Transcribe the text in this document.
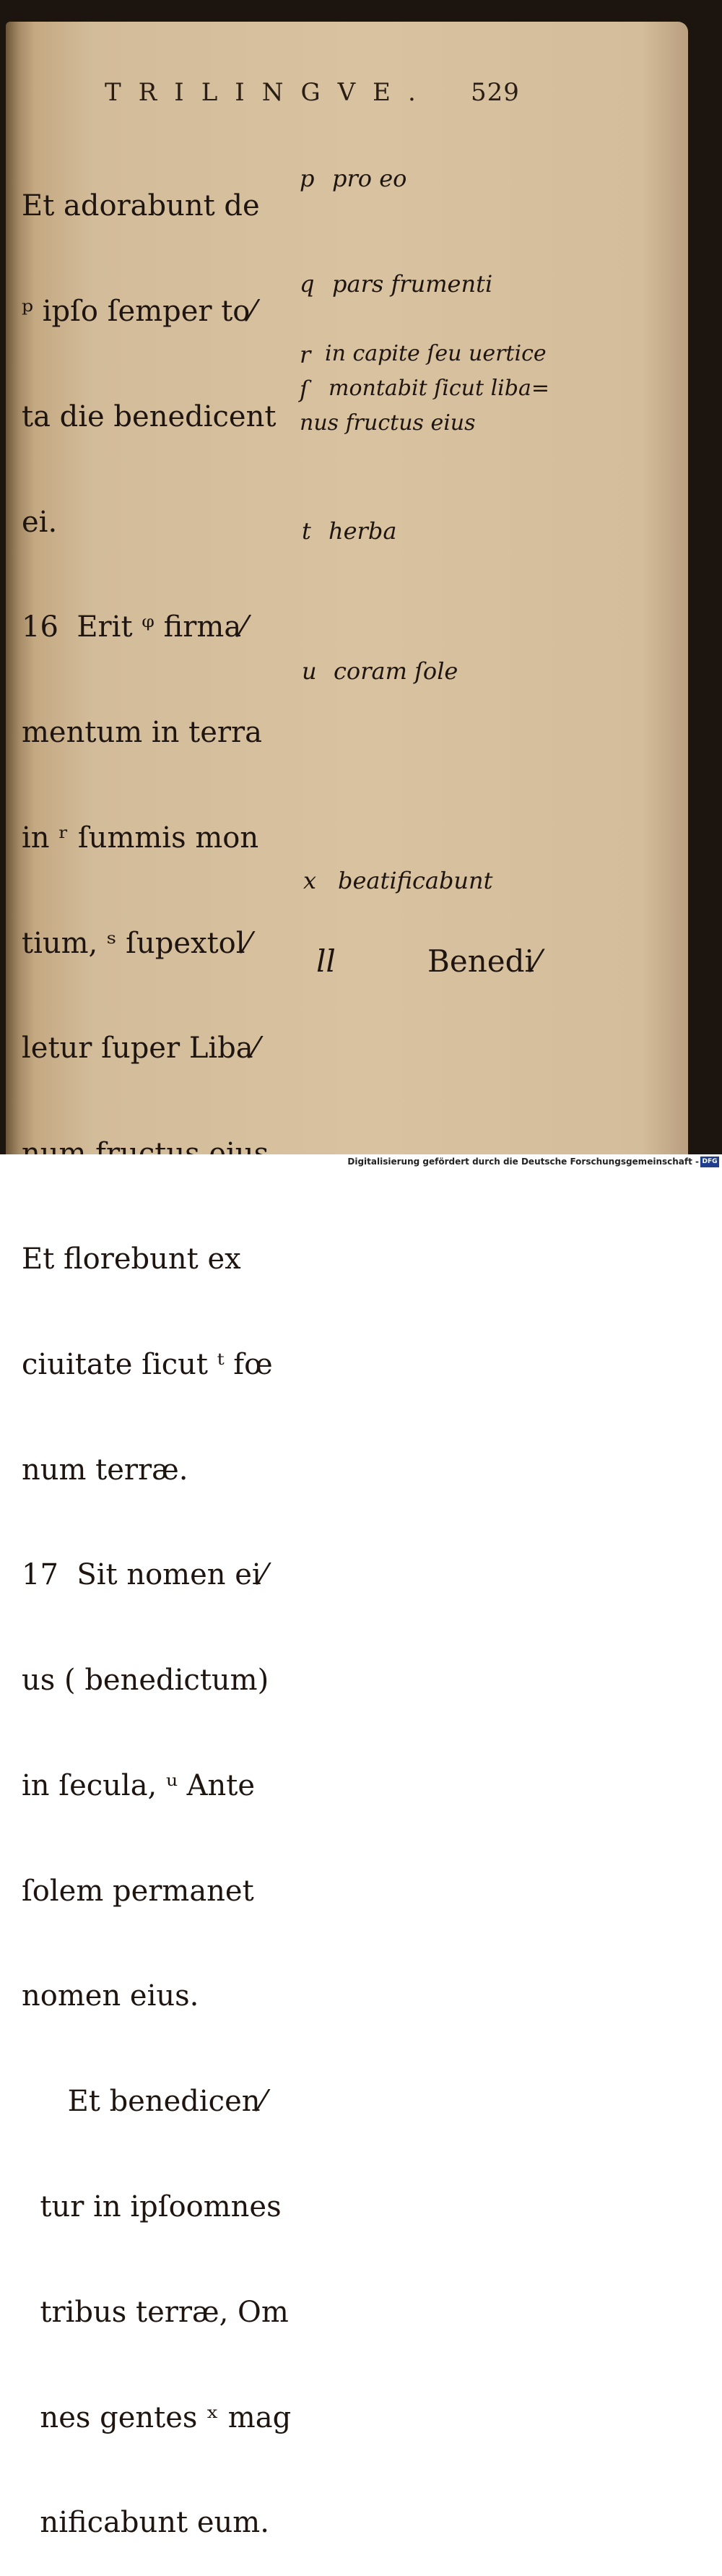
TRILINGVE. 529

Et adorabunt de

ᵖ ipſo ſemper to⁄

ta die benedicent

ei.

16  Erit ᵠ firma⁄

mentum in terra

in ʳ ſummis mon

tium, ˢ ſupextol⁄

letur ſuper Liba⁄

Et florebunt ex

ciuitate ſicut ᵗ fœ

num terræ.

17  Sit nomen ei⁄

us ( benedictum)

in ſecula, ᵘ Ante

ſolem permanet

nomen eius.

Et benedicen⁄

tur in ipſoomnes

tribus terræ, Om

nes gentes ˣ mag

nificabunt eum.

p pro eo
q pars frumenti
r in capite ſeu uertice
ſ montabit ſicut liba=
nus fructus eius
t herba
u coram ſole
x beatificabunt
ll	Benedi⁄
Digitalisierung gefördert durch die Deutsche Forschungsgemeinschaft - DFG
